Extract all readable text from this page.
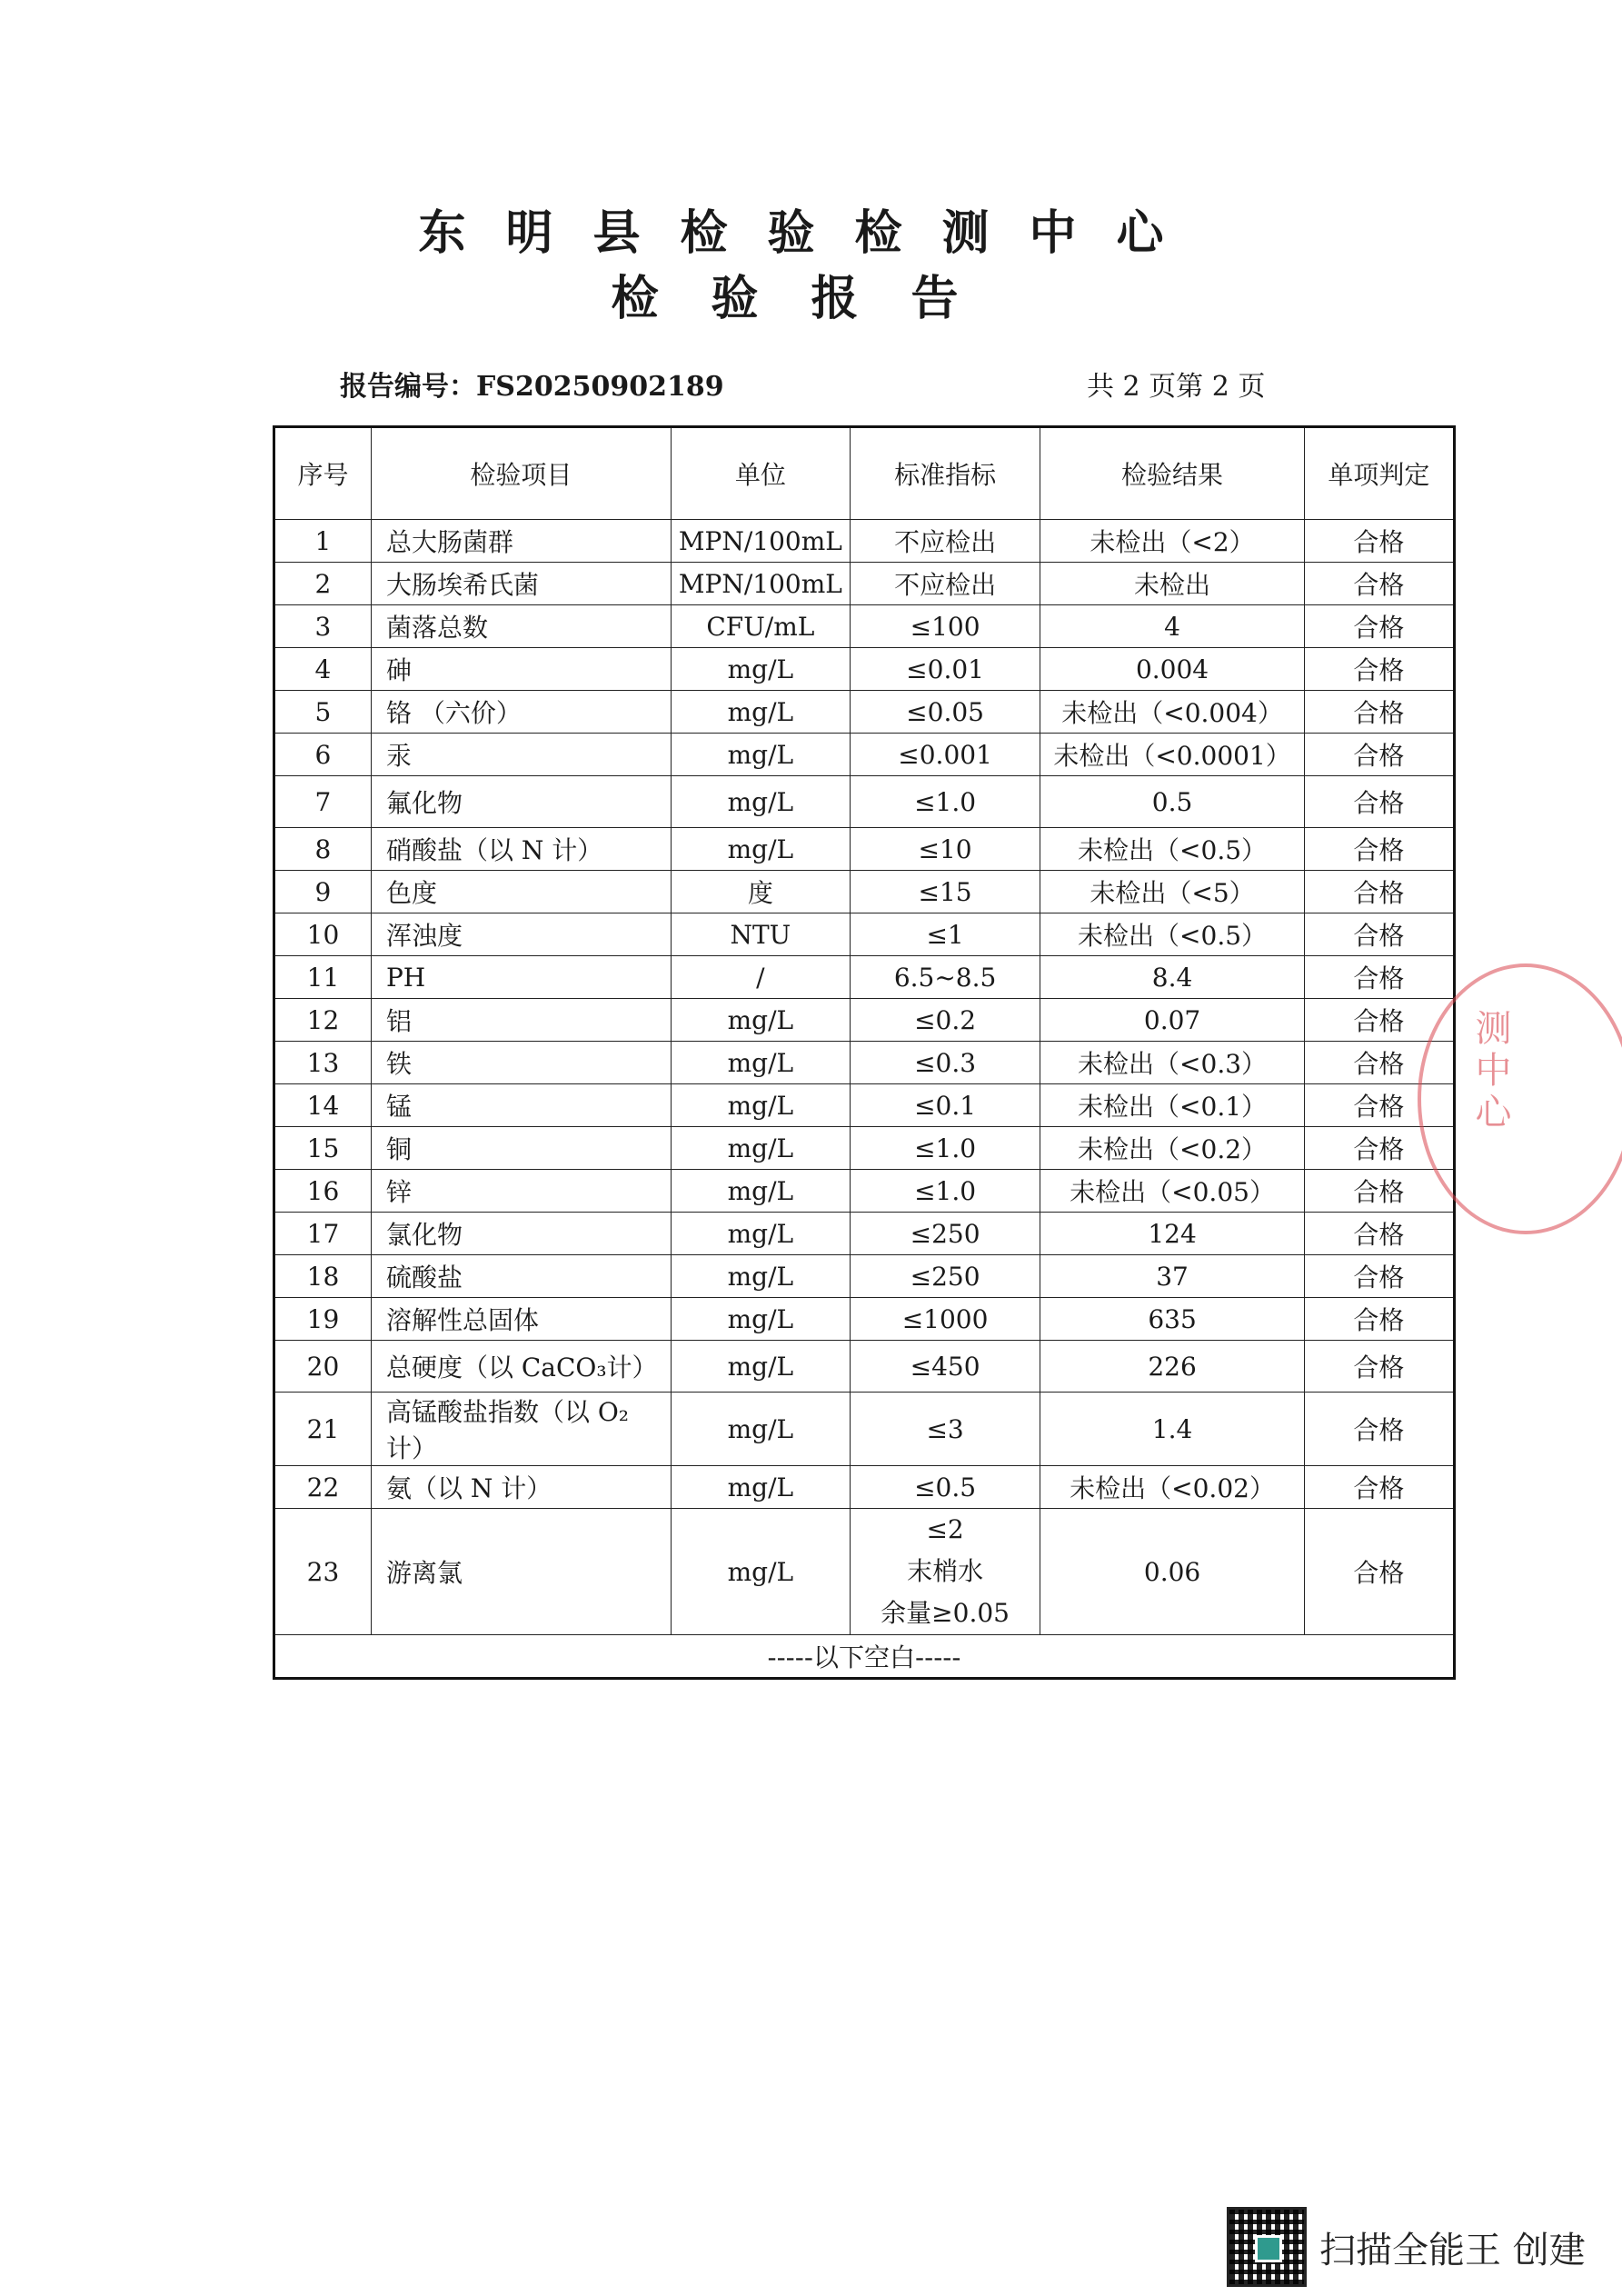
东明县检验检测中心
检验报告
报告编号：FS20250902189	共 2 页第 2 页
序号	检验项目	单位	标准指标	检验结果	单项判定
1	总大肠菌群	MPN/100mL	不应检出	未检出（<2）	合格
2	大肠埃希氏菌	MPN/100mL	不应检出	未检出	合格
3	菌落总数	CFU/mL	≤100	4	合格
4	砷	mg/L	≤0.01	0.004	合格
5	铬 （六价）	mg/L	≤0.05	未检出（<0.004）	合格
6	汞	mg/L	≤0.001	未检出（<0.0001）	合格
7	氟化物	mg/L	≤1.0	0.5	合格
8	硝酸盐（以 N 计）	mg/L	≤10	未检出（<0.5）	合格
9	色度	度	≤15	未检出（<5）	合格
10	浑浊度	NTU	≤1	未检出（<0.5）	合格
11	PH	/	6.5~8.5	8.4	合格
12	铝	mg/L	≤0.2	0.07	合格
13	铁	mg/L	≤0.3	未检出（<0.3）	合格
14	锰	mg/L	≤0.1	未检出（<0.1）	合格
15	铜	mg/L	≤1.0	未检出（<0.2）	合格
16	锌	mg/L	≤1.0	未检出（<0.05）	合格
17	氯化物	mg/L	≤250	124	合格
18	硫酸盐	mg/L	≤250	37	合格
19	溶解性总固体	mg/L	≤1000	635	合格
20	总硬度（以 CaCO₃计）	mg/L	≤450	226	合格
21	高锰酸盐指数（以 O₂计）	mg/L	≤3	1.4	合格
22	氨（以 N 计）	mg/L	≤0.5	未检出（<0.02）	合格
23	游离氯	mg/L	≤2
末梢水
余量≥0.05	0.06	合格
-----以下空白-----					
测中心
扫描全能王 创建
